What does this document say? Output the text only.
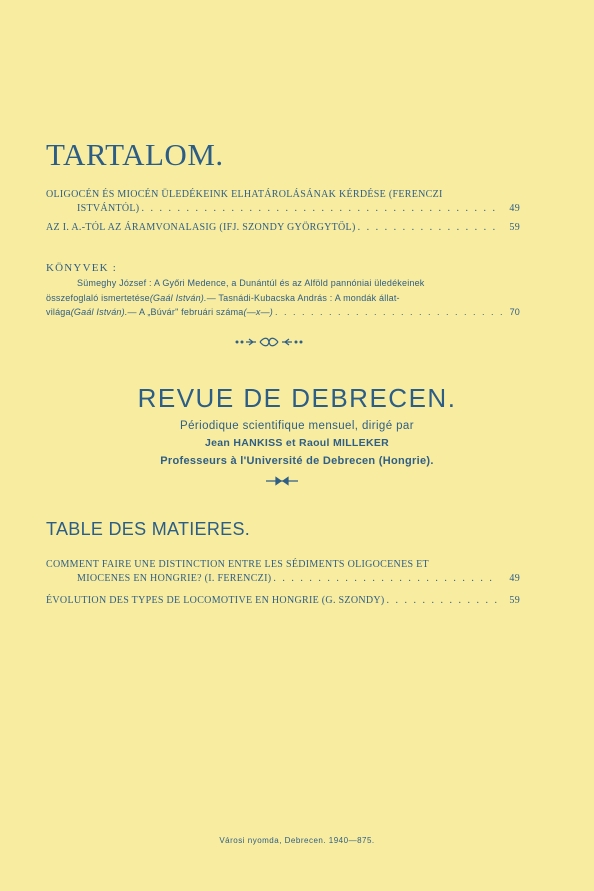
TARTALOM.
OLIGOCÉN ÉS MIOCÉN ÜLEDÉKEINK ELHATÁROLÁSÁNAK KÉRDÉSE (FERENCZI
ISTVÁNTÓL) . . .	49
AZ I. A.-TÓL AZ ÁRAMVONALASIG (IFJ. SZONDY GYÖRGYTŐL) . . .	59
KÖNYVEK :
Sümeghy József : A Győri Medence, a Dunántúl és az Alföld pannóniai üledékeinek
összefoglaló ismertetése (Gaál István). — Tasnádi-Kubacska András : A mondák állat-
világa (Gaál István). — A „Búvár" februári száma (—x—) . . .	70
REVUE DE DEBRECEN.
Périodique scientifique mensuel, dirigé par
Jean HANKISS et Raoul MILLEKER
Professeurs à l'Université de Debrecen (Hongrie).
TABLE DES MATIERES.
COMMENT FAIRE UNE DISTINCTION ENTRE LES SÉDIMENTS OLIGOCENES ET
MIOCENES EN HONGRIE? (I. FERENCZI) . . .	49
ÉVOLUTION DES TYPES DE LOCOMOTIVE EN HONGRIE (G. SZONDY) . . .	59
Városi nyomda, Debrecen. 1940—875.
